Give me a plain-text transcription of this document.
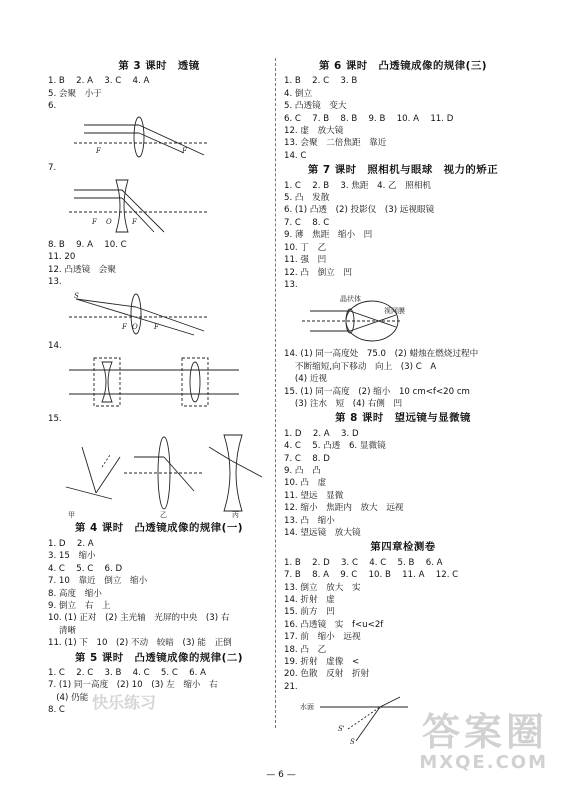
第 3 课时　透镜
1. B　 2. A　 3. C　 4. A
5. 会聚　小于
6.
F	F
7.
F O	F
8. B　 9. A　 10. C
11. 20
12. 凸透镜　会聚
13.
S
F O F
14.
15.
甲	乙	丙
第 4 课时　凸透镜成像的规律(一)
1. D　 2. A
3. 15　缩小
4. C　 5. C　 6. D
7. 10　靠近　倒立　缩小
8. 高度　缩小
9. 倒立　右　上
10. (1) 正对　(2) 主光轴　光屏的中央　(3) 右
清晰
11. (1) 下　10　(2) 不动　较暗　(3) 能　正倒
第 5 课时　凸透镜成像的规律(二)
1. C　 2. C　 3. B　 4. C　 5. C　 6. A
7. (1) 同一高度　(2) 10　(3) 左　缩小　右
(4) 仍能
8. C
第 6 课时　凸透镜成像的规律(三)
1. B　 2. C　 3. B
4. 倒立
5. 凸透镜　变大
6. C　 7. B　 8. B　 9. B　 10. A　 11. D
12. 虚　放大镜
13. 会聚　二倍焦距　靠近
14. C
第 7 课时　照相机与眼球　视力的矫正
1. C　 2. B　 3. 焦距　4. 乙　照相机
5. 凸　发散
6. (1) 凸透　(2) 投影仪　(3) 远视眼镜
7. C　 8. C
9. 薄　焦距　缩小　凹
10. 丁　乙
11. 强　凹
12. 凸　倒立　凹
13.
晶状体
视网膜
14. (1) 同一高度处　75.0　(2) 蜡烛在燃烧过程中
不断缩短,向下移动　向上　(3) C　A
(4) 近视
15. (1) 同一高度　(2) 缩小　10 cm<f<20 cm
(3) 注水　短　(4) 右侧　凹
第 8 课时　望远镜与显微镜
1. D　 2. A　 3. D
4. C　 5. 凸透　6. 显微镜
7. C　 8. D
9. 凸　凸
10. 凸　虚
11. 望远　显微
12. 缩小　焦距内　放大　远视
13. 凸　缩小
14. 望远镜　放大镜
第四章检测卷
1. B　 2. D　 3. C　 4. C　 5. B　 6. A
7. B　 8. A　 9. C　 10. B　 11. A　 12. C
13. 倒立　放大　实
14. 折射　虚
15. 前方　凹
16. 凸透镜　实　f<u<2f
17. 前　缩小　远视
18. 凸　乙
19. 折射　虚像　<
20. 色散　反射　折射
21.
水面
S'
S
快乐练习
答案圈
MXQE.COM
— 6 —
